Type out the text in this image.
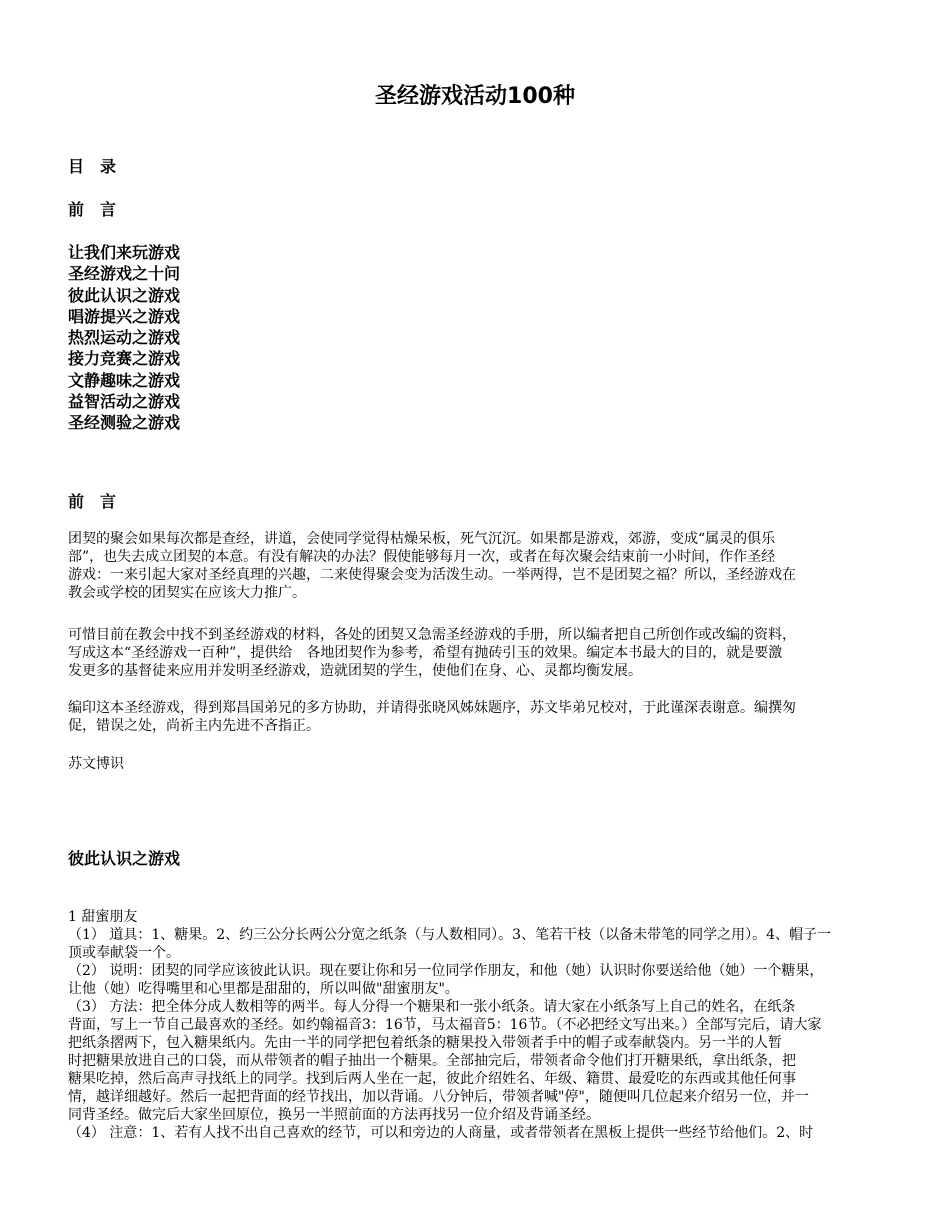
圣经游戏活动100种
目　录
前　言
让我们来玩游戏
圣经游戏之十问
彼此认识之游戏
唱游提兴之游戏
热烈运动之游戏
接力竞赛之游戏
文静趣味之游戏
益智活动之游戏
圣经测验之游戏
前　言
团契的聚会如果每次都是查经，讲道，会使同学觉得枯燥呆板，死气沉沉。如果都是游戏，郊游，变成“属灵的俱乐
部”，也失去成立团契的本意。有没有解决的办法？假使能够每月一次，或者在每次聚会结束前一小时间，作作圣经
游戏：一来引起大家对圣经真理的兴趣，二来使得聚会变为活泼生动。一举两得，岂不是团契之福？所以，圣经游戏在
教会或学校的团契实在应该大力推广。
可惜目前在教会中找不到圣经游戏的材料，各处的团契又急需圣经游戏的手册，所以编者把自己所创作或改编的资料，
写成这本“圣经游戏一百种”，提供给　各地团契作为参考，希望有抛砖引玉的效果。编定本书最大的目的，就是要激
发更多的基督徒来应用并发明圣经游戏，造就团契的学生，使他们在身、心、灵都均衡发展。
编印这本圣经游戏，得到郑昌国弟兄的多方协助，并请得张晓风姊妹题序，苏文毕弟兄校对，于此谨深表谢意。编撰匆
促，错误之处，尚祈主内先进不吝指正。
苏文博识
彼此认识之游戏
1 甜蜜朋友
（1） 道具：1、糖果。2、约三公分长两公分宽之纸条（与人数相同）。3、笔若干枝（以备未带笔的同学之用）。4、帽子一
顶或奉献袋一个。
（2） 说明：团契的同学应该彼此认识。现在要让你和另一位同学作朋友，和他（她）认识时你要送给他（她）一个糖果，
让他（她）吃得嘴里和心里都是甜甜的，所以叫做"甜蜜朋友"。
（3） 方法：把全体分成人数相等的两半。每人分得一个糖果和一张小纸条。请大家在小纸条写上自己的姓名，在纸条
背面，写上一节自己最喜欢的圣经。如约翰福音3：16节，马太福音5：16节。（不必把经文写出来。）全部写完后，请大家
把纸条摺两下，包入糖果纸内。先由一半的同学把包着纸条的糖果投入带领者手中的帽子或奉献袋内。另一半的人暂
时把糖果放进自己的口袋，而从带领者的帽子抽出一个糖果。全部抽完后，带领者命令他们打开糖果纸，拿出纸条，把
糖果吃掉，然后高声寻找纸上的同学。找到后两人坐在一起，彼此介绍姓名、年级、籍贯、最爱吃的东西或其他任何事
情，越详细越好。然后一起把背面的经节找出，加以背诵。八分钟后，带领者喊"停"，随便叫几位起来介绍另一位，并一
同背圣经。做完后大家坐回原位，换另一半照前面的方法再找另一位介绍及背诵圣经。
（4） 注意：1、若有人找不出自己喜欢的经节，可以和旁边的人商量，或者带领者在黑板上提供一些经节给他们。2、时
